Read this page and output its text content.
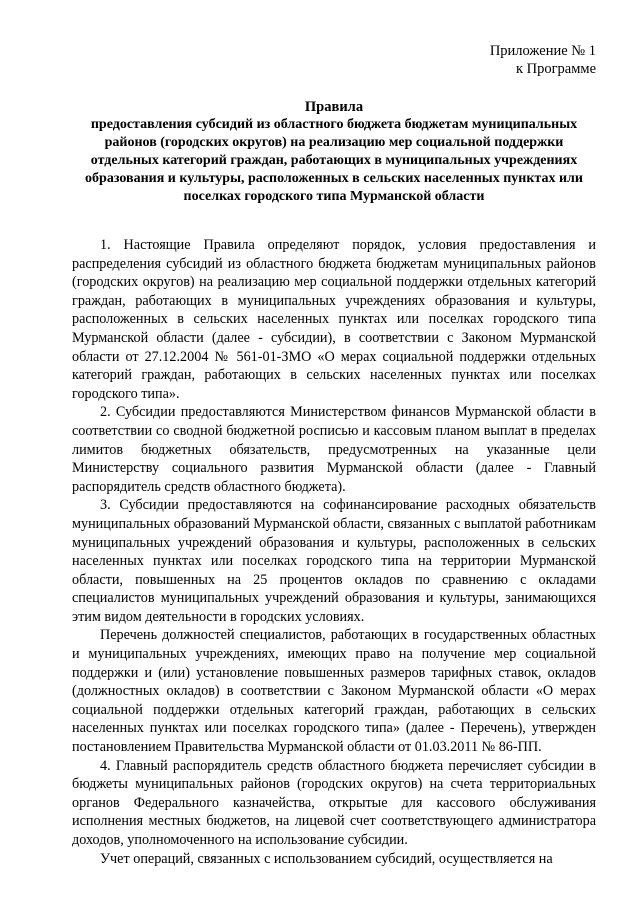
Приложение № 1
к Программе
Правила
предоставления субсидий из областного бюджета бюджетам муниципальных районов (городских округов) на реализацию мер социальной поддержки отдельных категорий граждан, работающих в муниципальных учреждениях образования и культуры, расположенных в сельских населенных пунктах или поселках городского типа Мурманской области

1. Настоящие Правила определяют порядок, условия предоставления и распределения субсидий из областного бюджета бюджетам муниципальных районов (городских округов) на реализацию мер социальной поддержки отдельных категорий граждан, работающих в муниципальных учреждениях образования и культуры, расположенных в сельских населенных пунктах или поселках городского типа Мурманской области (далее - субсидии), в соответствии с Законом Мурманской области от 27.12.2004 № 561-01-ЗМО «О мерах социальной поддержки отдельных категорий граждан, работающих в сельских населенных пунктах или поселках городского типа».

2. Субсидии предоставляются Министерством финансов Мурманской области в соответствии со сводной бюджетной росписью и кассовым планом выплат в пределах лимитов бюджетных обязательств, предусмотренных на указанные цели Министерству социального развития Мурманской области (далее - Главный распорядитель средств областного бюджета).

3. Субсидии предоставляются на софинансирование расходных обязательств муниципальных образований Мурманской области, связанных с выплатой работникам муниципальных учреждений образования и культуры, расположенных в сельских населенных пунктах или поселках городского типа на территории Мурманской области, повышенных на 25 процентов окладов по сравнению с окладами специалистов муниципальных учреждений образования и культуры, занимающихся этим видом деятельности в городских условиях.

Перечень должностей специалистов, работающих в государственных областных и муниципальных учреждениях, имеющих право на получение мер социальной поддержки и (или) установление повышенных размеров тарифных ставок, окладов (должностных окладов) в соответствии с Законом Мурманской области «О мерах социальной поддержки отдельных категорий граждан, работающих в сельских населенных пунктах или поселках городского типа» (далее - Перечень), утвержден постановлением Правительства Мурманской области от 01.03.2011 № 86-ПП.

4. Главный распорядитель средств областного бюджета перечисляет субсидии в бюджеты муниципальных районов (городских округов) на счета территориальных органов Федерального казначейства, открытые для кассового обслуживания исполнения местных бюджетов, на лицевой счет соответствующего администратора доходов, уполномоченного на использование субсидии.

Учет операций, связанных с использованием субсидий, осуществляется на
